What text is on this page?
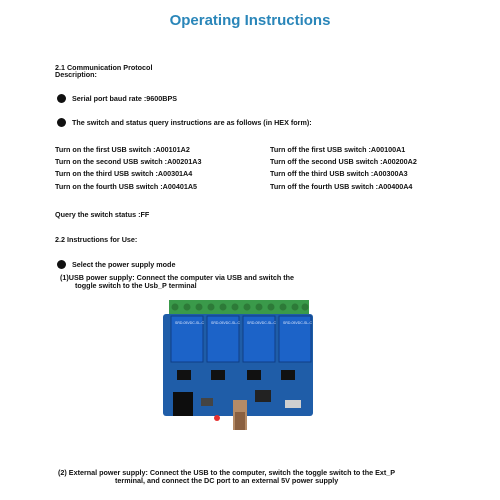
Operating Instructions
2.1 Communication Protocol
Description:
Serial port baud rate :9600BPS
The switch and status query instructions are as follows (in HEX form):
Turn on the first USB switch :A00101A2
Turn on the second USB switch :A00201A3
Turn on the third USB switch :A00301A4
Turn on the fourth USB switch :A00401A5
Turn off the first USB switch :A00100A1
Turn off the second USB switch :A00200A2
Turn off the third USB switch :A00300A3
Turn off the fourth USB switch :A00400A4
Query the switch status :FF
2.2 Instructions for Use:
Select the power supply mode
(1)USB power supply: Connect the computer via USB and switch the
toggle switch to the Usb_P terminal
SRD-05VDC-SL-C SRD-05VDC-SL-C SRD-05VDC-SL-C SRD-05VDC-SL-C
(2) External power supply: Connect the USB to the computer, switch the toggle switch to the Ext_P
terminal, and connect the DC port to an external 5V power supply
